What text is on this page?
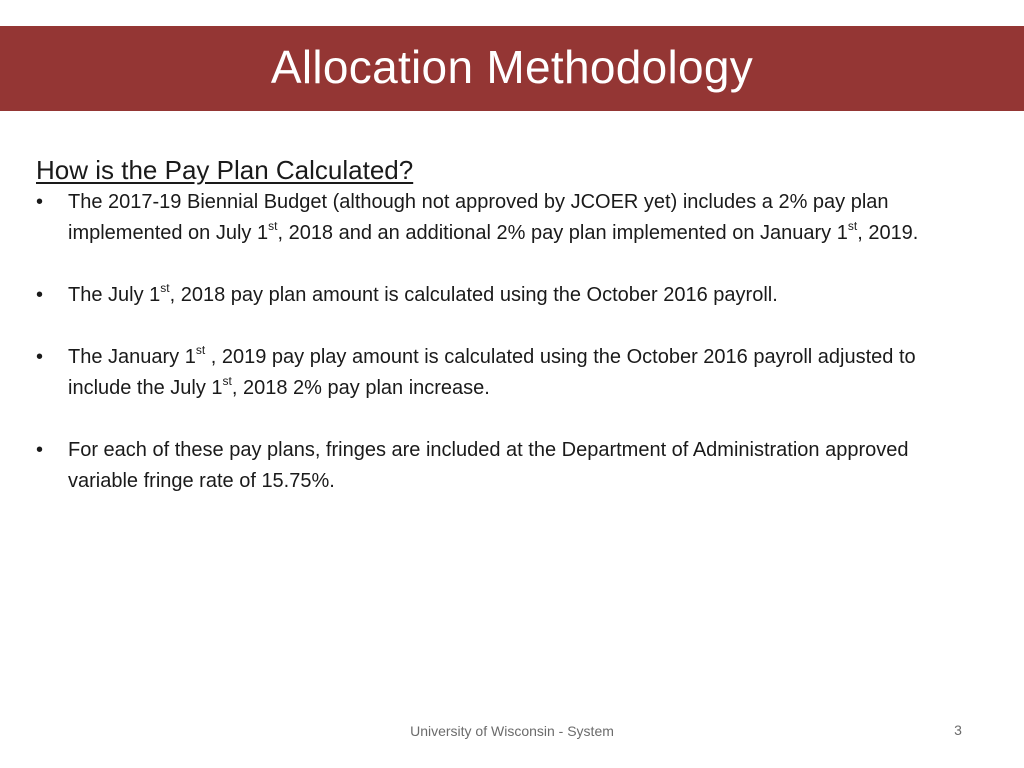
Allocation Methodology
How is the Pay Plan Calculated?
•	The 2017-19 Biennial Budget (although not approved by JCOER yet) includes a 2% pay plan implemented on July 1st, 2018 and an additional 2% pay plan implemented on January 1st, 2019.
•	The July 1st, 2018 pay plan amount is calculated using the October 2016 payroll.
•	The January 1st , 2019 pay play amount is calculated using the October 2016 payroll adjusted to include the July 1st, 2018 2% pay plan increase.
•	For each of these pay plans, fringes are included at the Department of Administration approved variable fringe rate of 15.75%.
University of Wisconsin - System	3
